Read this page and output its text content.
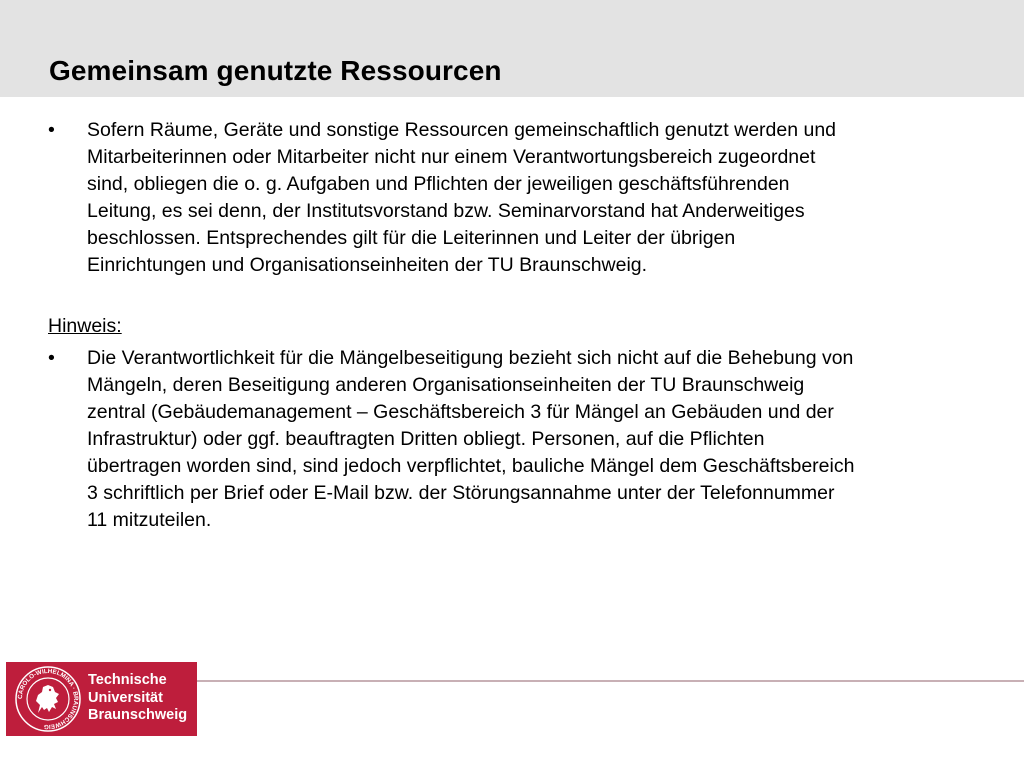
Gemeinsam genutzte Ressourcen
•	Sofern Räume, Geräte und sonstige Ressourcen gemeinschaftlich genutzt werden und
Mitarbeiterinnen oder Mitarbeiter nicht nur einem Verantwortungsbereich zugeordnet
sind, obliegen die o. g. Aufgaben und Pflichten der jeweiligen geschäftsführenden
Leitung, es sei denn, der Institutsvorstand bzw. Seminarvorstand hat Anderweitiges
beschlossen. Entsprechendes gilt für die Leiterinnen und Leiter der übrigen
Einrichtungen und Organisationseinheiten der TU Braunschweig.
Hinweis:
•	Die Verantwortlichkeit für die Mängelbeseitigung bezieht sich nicht auf die Behebung von
Mängeln, deren Beseitigung anderen Organisationseinheiten der TU Braunschweig
zentral (Gebäudemanagement – Geschäftsbereich 3 für Mängel an Gebäuden und der
Infrastruktur) oder ggf. beauftragten Dritten obliegt. Personen, auf die Pflichten
übertragen worden sind, sind jedoch verpflichtet, bauliche Mängel dem Geschäftsbereich
3 schriftlich per Brief oder E-Mail bzw. der Störungsannahme unter der Telefonnummer
11 mitzuteilen.
CAROLO-WILHELMINA · BRAUNSCHWEIG
Technische
Universität
Braunschweig
